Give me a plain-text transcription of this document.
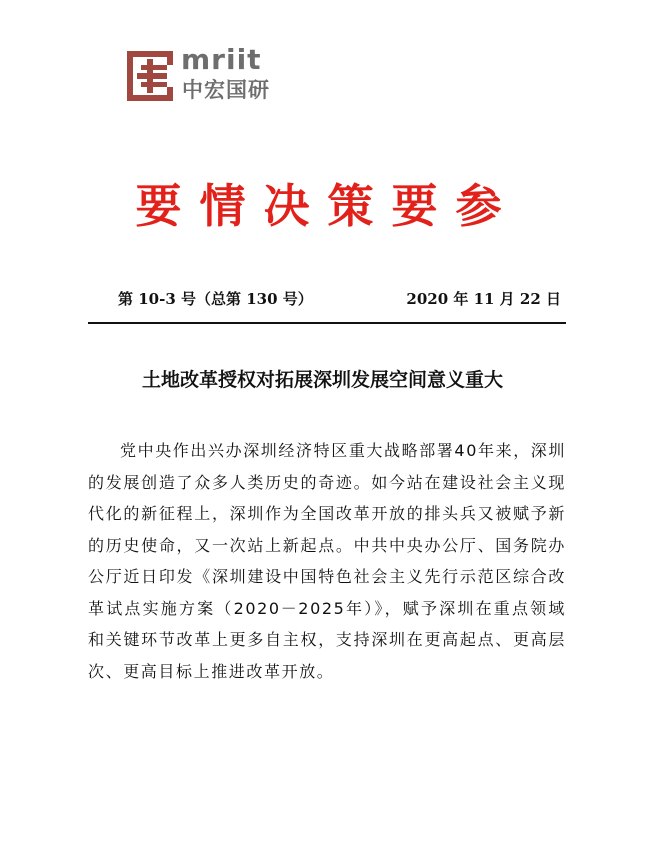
mriit
中宏国研
要情决策要参
第 10-3 号（总第 130 号）	2020 年 11 月 22 日
土地改革授权对拓展深圳发展空间意义重大

党中央作出兴办深圳经济特区重大战略部署40年来，深圳的发展创造了众多人类历史的奇迹。如今站在建设社会主义现代化的新征程上，深圳作为全国改革开放的排头兵又被赋予新的历史使命，又一次站上新起点。中共中央办公厅、国务院办公厅近日印发《深圳建设中国特色社会主义先行示范区综合改革试点实施方案（2020－2025年）》，赋予深圳在重点领域和关键环节改革上更多自主权，支持深圳在更高起点、更高层次、更高目标上推进改革开放。
